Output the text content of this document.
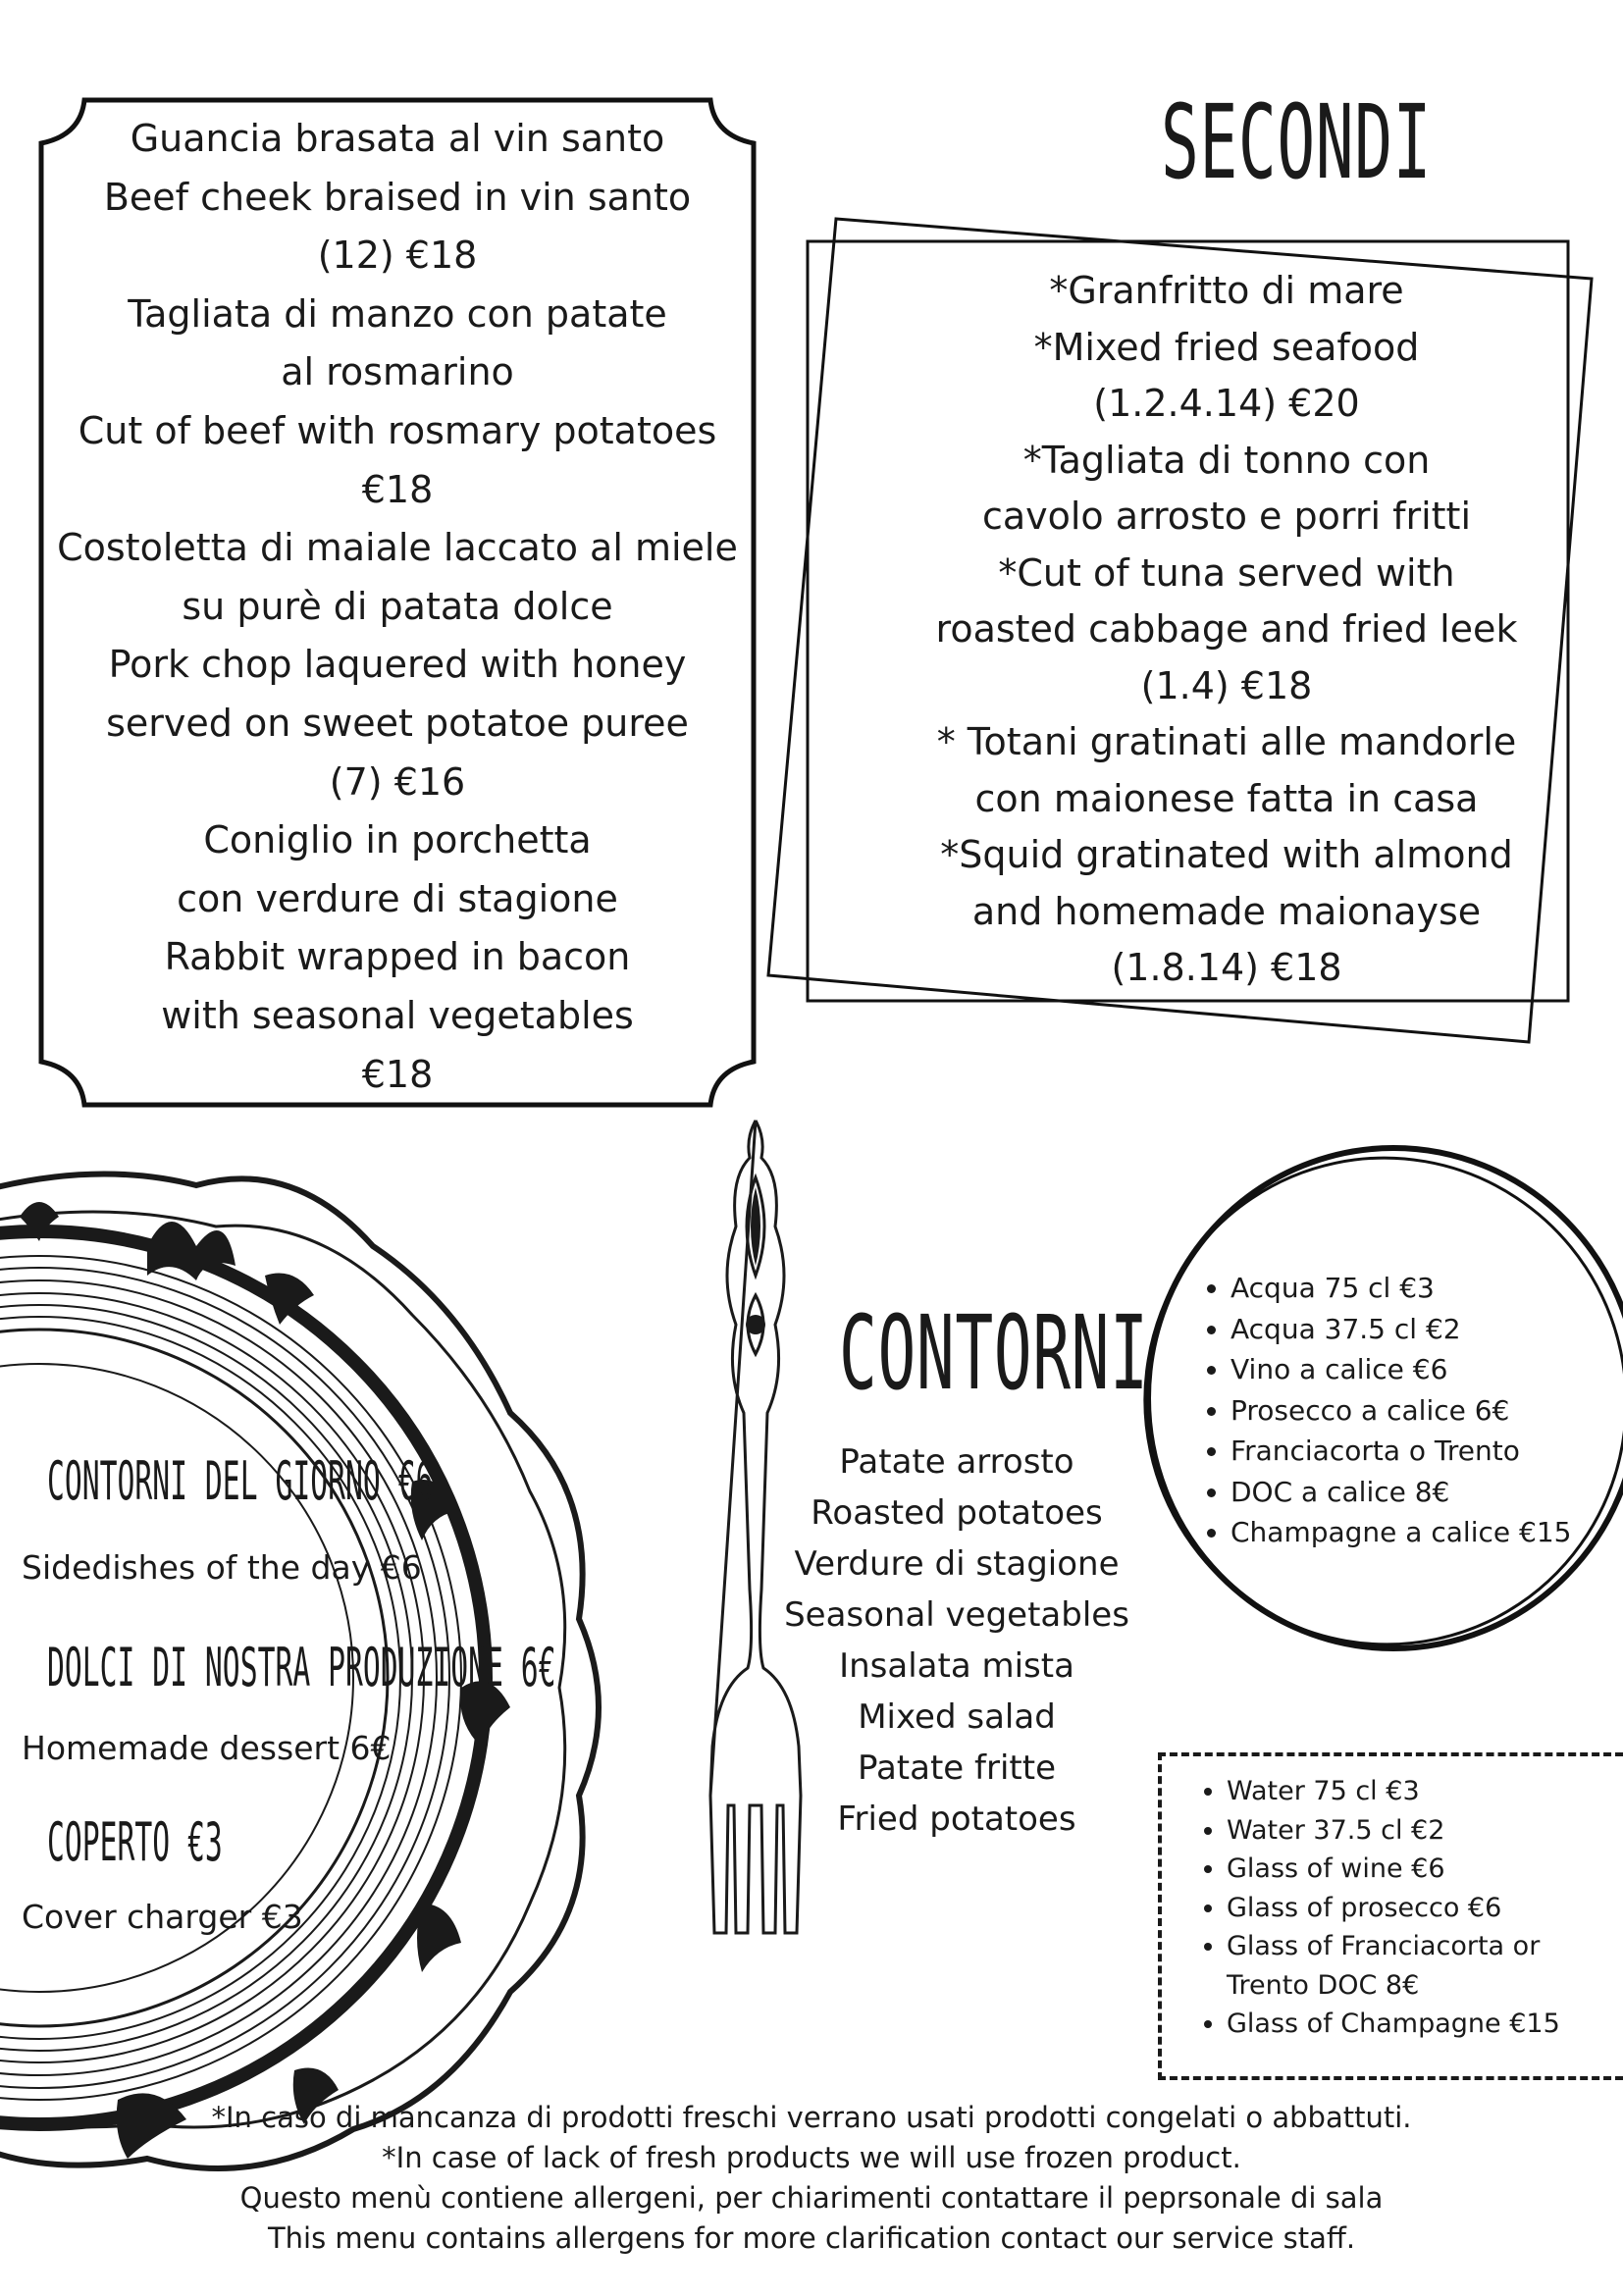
Guancia brasata al vin santo
Beef cheek braised in vin santo
(12) €18
Tagliata di manzo con patate
al rosmarino
Cut of beef with rosmary potatoes
€18
Costoletta di maiale laccato al miele
su purè di patata dolce
Pork chop laquered with honey
served on sweet potatoe puree
(7) €16
Coniglio in porchetta
con verdure di stagione
Rabbit wrapped in bacon
with seasonal vegetables
€18
SECONDI
*Granfritto di mare
*Mixed fried seafood
(1.2.4.14) €20
*Tagliata di tonno con
cavolo arrosto e porri fritti
*Cut of tuna served with
roasted cabbage and fried leek
(1.4) €18
* Totani gratinati alle mandorle
con maionese fatta in casa
*Squid gratinated with almond
and homemade maionayse
(1.8.14) €18
CONTORNI DEL GIORNO €6
Sidedishes of the day €6
DOLCI DI NOSTRA PRODUZIONE 6€
Homemade dessert 6€
COPERTO €3
Cover charger €3
CONTORNI
Patate arrosto
Roasted potatoes
Verdure di stagione
Seasonal vegetables
Insalata mista
Mixed salad
Patate fritte
Fried potatoes
• Acqua 75 cl €3
• Acqua 37.5 cl €2
• Vino a calice €6
• Prosecco a calice 6€
• Franciacorta o Trento
• DOC a calice 8€
• Champagne a calice €15
• Water 75 cl €3
• Water 37.5 cl €2
• Glass of wine €6
• Glass of prosecco €6
• Glass of Franciacorta or Trento DOC 8€
• Glass of Champagne €15
*In caso di mancanza di prodotti freschi verrano usati prodotti congelati o abbattuti.
*In case of lack of fresh products we will use frozen product.
Questo menù contiene allergeni, per chiarimenti contattare il peprsonale di sala
This menu contains allergens for more clarification contact our service staff.
